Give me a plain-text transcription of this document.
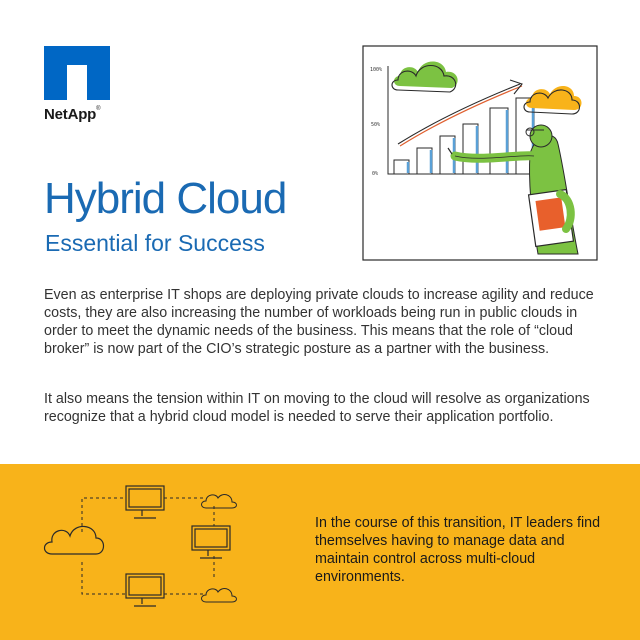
NetApp®
100%
50%
0%
Hybrid Cloud
Essential for Success

Even as enterprise IT shops are deploying private clouds to increase agility and reduce costs, they are also increasing the number of workloads being run in public clouds in order to meet the dynamic needs of the business. This means that the role of “cloud broker” is now part of the CIO’s strategic posture as a partner with the business.

It also means the tension within IT on moving to the cloud will resolve as organizations recognize that a hybrid cloud model is needed to serve their application portfolio.

In the course of this transition, IT leaders find themselves having to manage data and maintain control across multi-cloud environments.
